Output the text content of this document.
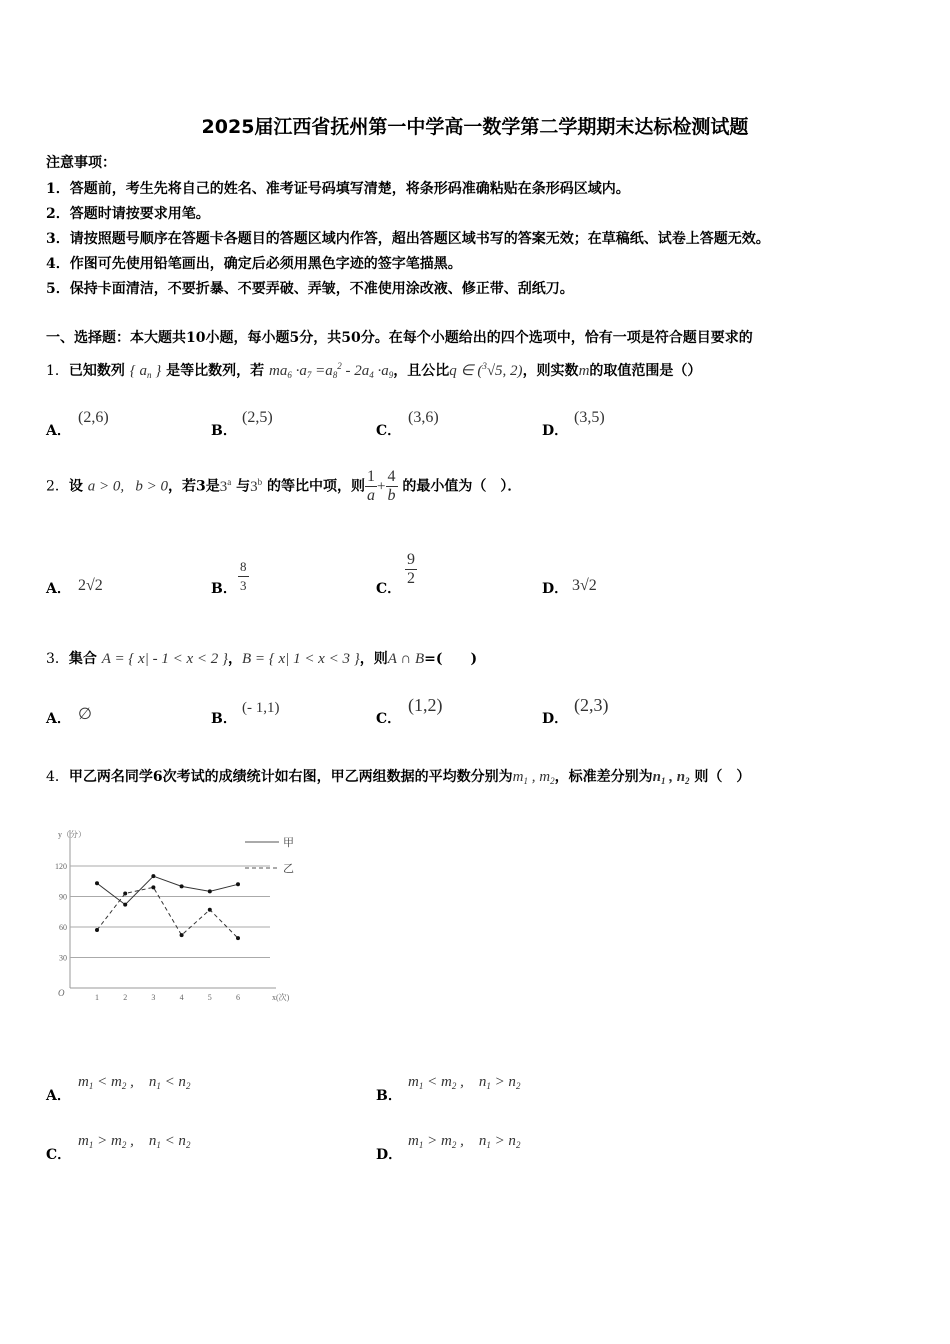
2025届江西省抚州第一中学高一数学第二学期期末达标检测试题
注意事项：
1．答题前，考生先将自己的姓名、准考证号码填写清楚，将条形码准确粘贴在条形码区域内。
2．答题时请按要求用笔。
3．请按照题号顺序在答题卡各题目的答题区域内作答，超出答题区域书写的答案无效；在草稿纸、试卷上答题无效。
4．作图可先使用铅笔画出，确定后必须用黑色字迹的签字笔描黑。
5．保持卡面清洁，不要折暴、不要弄破、弄皱，不准使用涂改液、修正带、刮纸刀。
一、选择题：本大题共10小题，每小题5分，共50分。在每个小题给出的四个选项中，恰有一项是符合题目要求的
1．已知数列 { $a_n$ } 是等比数列，若 $ma_6 \cdot a_7 =a_8^2 - 2a_4 \cdot a_9$，且公比q ∈ ($^3$√5, 2)，则实数m的取值范围是（）
A．
(2,6)
B．
(2,5)
C．
(3,6)
D．
(3,5)
2．设 a > 0,   b > 0，若3是3$^a$ 与3$^b$ 的等比中项，则 $\frac{1}{a} + \frac{4}{b}$ 的最小值为（　）．
A． 2√2	B． $\frac{8}{3}$	C．
$\frac{9}{2}$
D． 3√2
3．集合 A = { x| - 1 < x < 2 }，B = { x| 1 < x < 3 }，则A ∩ B=(　　)
A． ∅	B．
(- 1,1)
C．
(1,2)
D．
(2,3)
4．甲乙两名同学6次考试的成绩统计如右图，甲乙两组数据的平均数分别为$m_1$ , $m_2$，标准差分别为$n_1$ , $n_2$ 则（　）
30
60
90
120
1	2	3	4	5	6
O
y（分）
x(次)
甲
乙
A．
$m_1 < m_2$ ,    $n_1 < n_2$
B．
$m_1 < m_2$ ,    $n_1 > n_2$
C．
$m_1 > m_2$ ,    $n_1 < n_2$
D．
$m_1 > m_2$ ,    $n_1 > n_2$
